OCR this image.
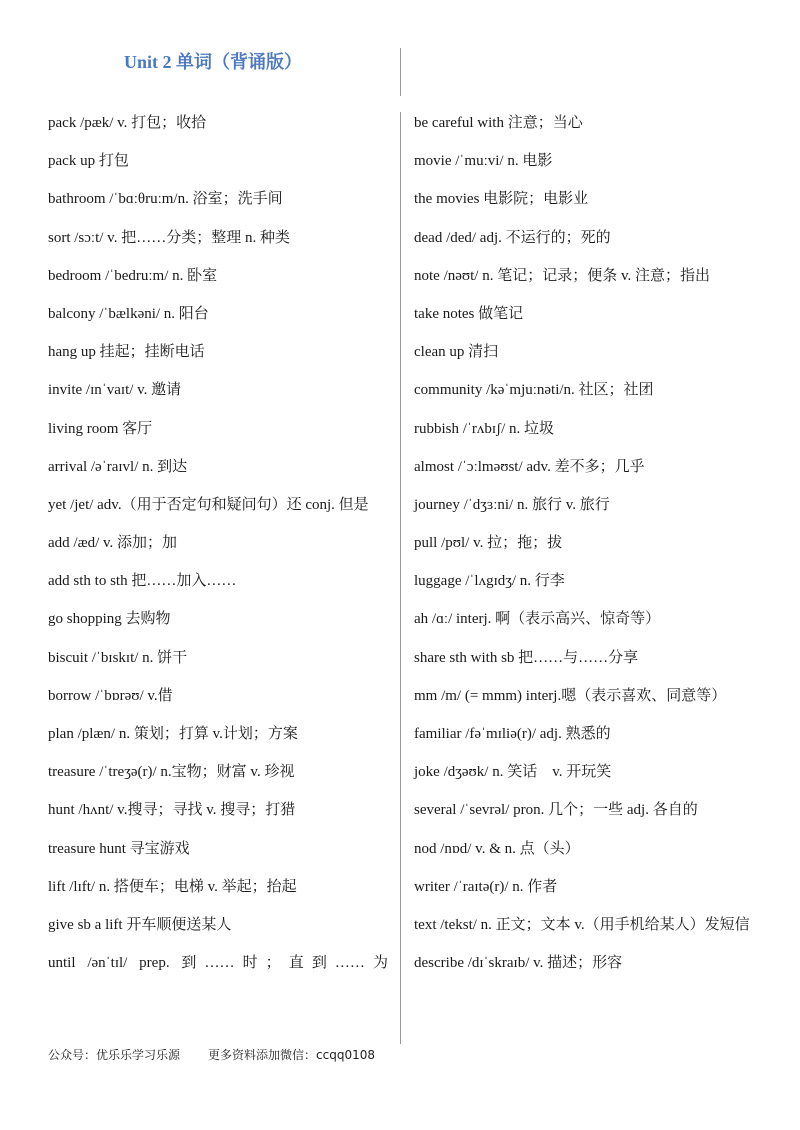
Unit 2 单词（背诵版）
pack /pæk/ v. 打包；收拾
pack up 打包
bathroom /ˈbɑːθruːm/n. 浴室；洗手间
sort /sɔːt/ v. 把……分类；整理 n. 种类
bedroom /ˈbedruːm/ n. 卧室
balcony /ˈbælkəni/ n. 阳台
hang up 挂起；挂断电话
invite /ɪnˈvaɪt/ v. 邀请
living room 客厅
arrival /əˈraɪvl/ n. 到达
yet /jet/ adv.（用于否定句和疑问句）还 conj. 但是
add /æd/ v. 添加；加
add sth to sth 把……加入……
go shopping 去购物
biscuit /ˈbɪskɪt/ n. 饼干
borrow /ˈbɒrəʊ/ v.借
plan /plæn/ n. 策划；打算 v.计划；方案
treasure /ˈtreʒə(r)/ n.宝物；财富 v. 珍视
hunt /hʌnt/ v.搜寻；寻找 v. 搜寻；打猎
treasure hunt 寻宝游戏
lift /lɪft/ n. 搭便车；电梯 v. 举起；抬起
give sb a lift 开车顺便送某人
until /ənˈtɪl/ prep. 到……时；直到……为
be careful with 注意；当心
movie /ˈmuːvi/ n. 电影
the movies 电影院；电影业
dead /ded/ adj. 不运行的；死的
note /nəʊt/ n. 笔记；记录；便条 v. 注意；指出
take notes 做笔记
clean up 清扫
community /kəˈmjuːnəti/n. 社区；社团
rubbish /ˈrʌbɪʃ/ n. 垃圾
almost /ˈɔːlməʊst/ adv. 差不多；几乎
journey /ˈdʒɜːni/ n. 旅行 v. 旅行
pull /pʊl/ v. 拉；拖；拔
luggage /ˈlʌgɪdʒ/ n. 行李
ah /ɑː/ interj. 啊（表示高兴、惊奇等）
share sth with sb 把……与……分享
mm /m/ (= mmm) interj.嗯（表示喜欢、同意等）
familiar /fəˈmɪliə(r)/ adj. 熟悉的
joke /dʒəʊk/ n. 笑话　v. 开玩笑
several /ˈsevrəl/ pron. 几个；一些 adj. 各自的
nod /nɒd/ v. & n. 点（头）
writer /ˈraɪtə(r)/ n. 作者
text /tekst/ n. 正文；文本 v.（用手机给某人）发短信
describe /dɪˈskraɪb/ v. 描述；形容
公众号：优乐乐学习乐源 更多资料添加微信：ccqq0108
